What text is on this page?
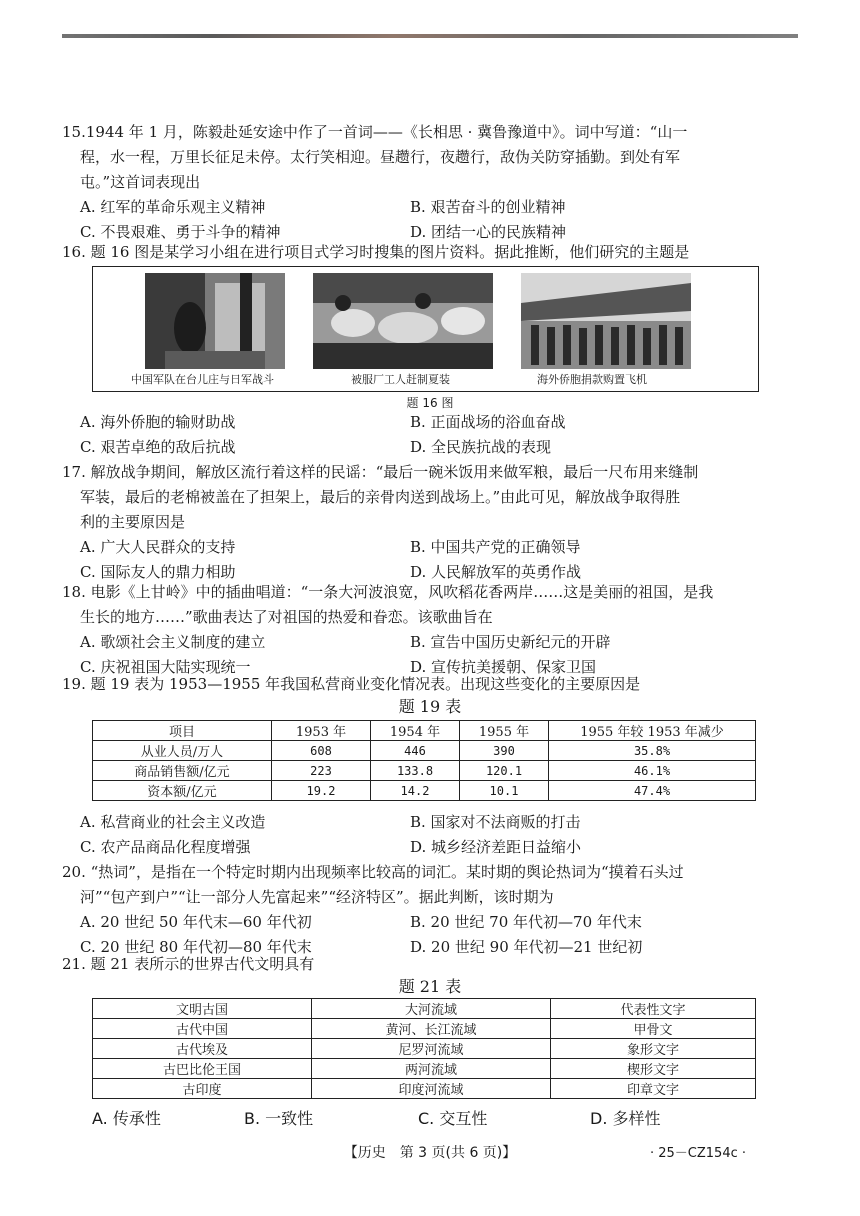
15.1944 年 1 月，陈毅赴延安途中作了一首词——《长相思 · 冀鲁豫道中》。词中写道：“山一
程，水一程，万里长征足未停。太行笑相迎。昼趱行，夜趱行，敌伪关防穿插勤。到处有军
屯。”这首词表现出
A. 红军的革命乐观主义精神	B. 艰苦奋斗的创业精神
C. 不畏艰难、勇于斗争的精神	D. 团结一心的民族精神
16. 题 16 图是某学习小组在进行项目式学习时搜集的图片资料。据此推断，他们研究的主题是
中国军队在台儿庄与日军战斗	被服厂工人赶制夏装	海外侨胞捐款购置飞机
题 16 图
A. 海外侨胞的输财助战	B. 正面战场的浴血奋战
C. 艰苦卓绝的敌后抗战	D. 全民族抗战的表现
17. 解放战争期间，解放区流行着这样的民谣：“最后一碗米饭用来做军粮，最后一尺布用来缝制
军装，最后的老棉被盖在了担架上，最后的亲骨肉送到战场上。”由此可见，解放战争取得胜
利的主要原因是
A. 广大人民群众的支持	B. 中国共产党的正确领导
C. 国际友人的鼎力相助	D. 人民解放军的英勇作战
18. 电影《上甘岭》中的插曲唱道：“一条大河波浪宽，风吹稻花香两岸……这是美丽的祖国，是我
生长的地方……”歌曲表达了对祖国的热爱和眷恋。该歌曲旨在
A. 歌颂社会主义制度的建立	B. 宣告中国历史新纪元的开辟
C. 庆祝祖国大陆实现统一	D. 宣传抗美援朝、保家卫国
19. 题 19 表为 1953—1955 年我国私营商业变化情况表。出现这些变化的主要原因是
题 19 表
项目	1953 年	1954 年	1955 年	1955 年较 1953 年减少
从业人员/万人	608	446	390	35.8%
商品销售额/亿元	223	133.8	120.1	46.1%
资本额/亿元	19.2	14.2	10.1	47.4%
A. 私营商业的社会主义改造	B. 国家对不法商贩的打击
C. 农产品商品化程度增强	D. 城乡经济差距日益缩小
20. “热词”，是指在一个特定时期内出现频率比较高的词汇。某时期的舆论热词为“摸着石头过
河”“包产到户”“让一部分人先富起来”“经济特区”。据此判断，该时期为
A. 20 世纪 50 年代末—60 年代初	B. 20 世纪 70 年代初—70 年代末
C. 20 世纪 80 年代初—80 年代末	D. 20 世纪 90 年代初—21 世纪初
21. 题 21 表所示的世界古代文明具有
题 21 表
文明古国	大河流域	代表性文字
古代中国	黄河、长江流域	甲骨文
古代埃及	尼罗河流域	象形文字
古巴比伦王国	两河流域	楔形文字
古印度	印度河流域	印章文字
A. 传承性	B. 一致性	C. 交互性	D. 多样性
【历史　第 3 页(共 6 页)】	· 25－CZ154c ·
